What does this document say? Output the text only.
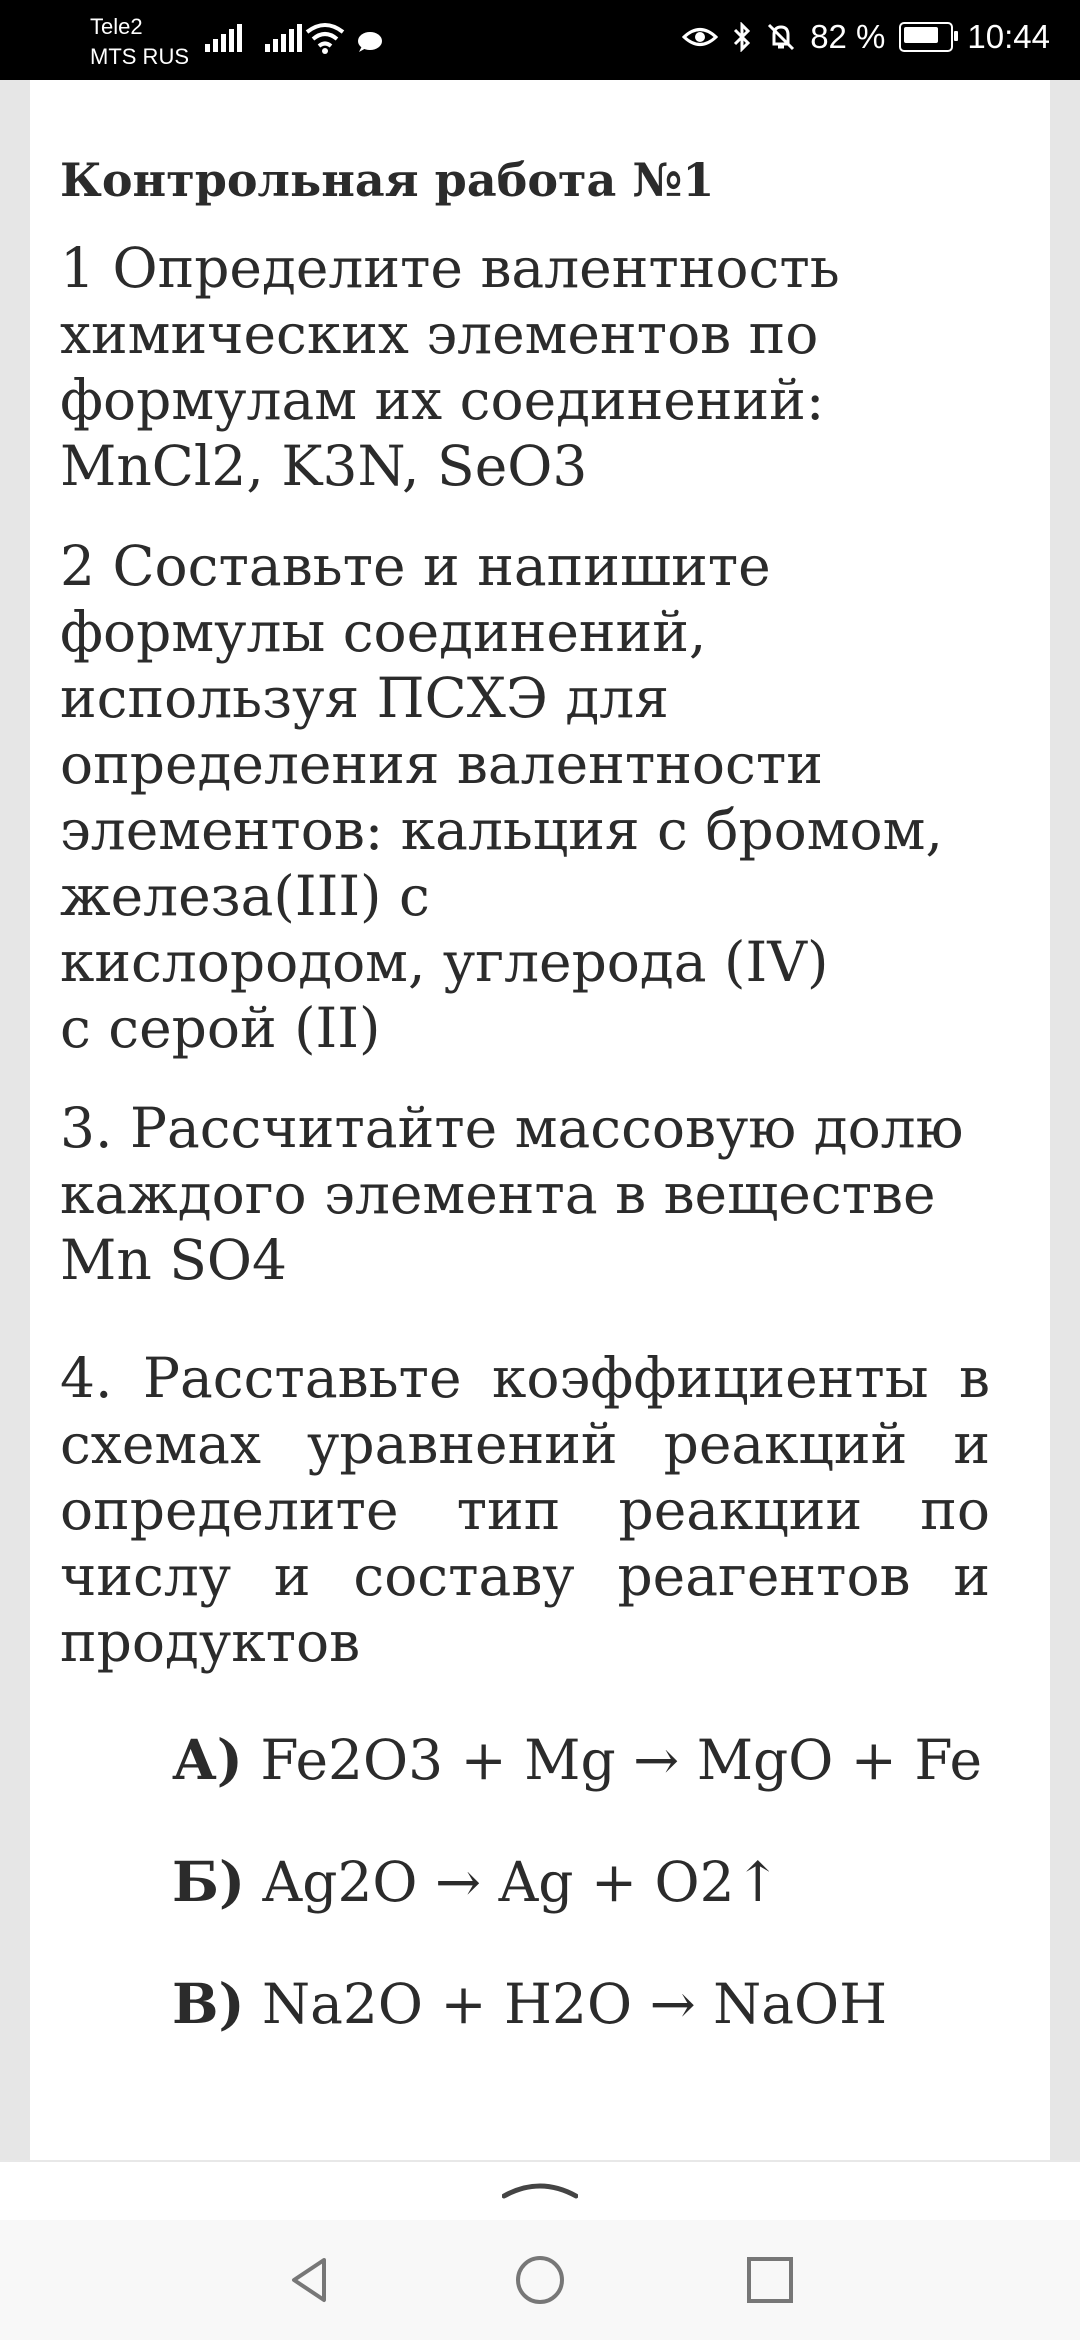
Tele2
MTS RUS
82 % 10:44
Контрольная работа №1

1 Определите валентность химических элементов по формулам их соединений: MnCl2, K3N, SeO3

2 Составьте и напишите
формулы соединений,
используя ПСХЭ для
определения валентности
элементов: кальция с бромом,
железа(III) с
кислородом, углерода (IV)
с серой (II)

3. Рассчитайте массовую долю каждого элемента в веществе Mn SO4

4. Расставьте коэффициенты в схемах уравнений реакций и определите тип реакции по числу и составу реагентов и продуктов

А) Fe2O3 + Mg → MgO + Fe
Б) Ag2O → Ag + O2↑
В) Na2O + H2O → NaOH
